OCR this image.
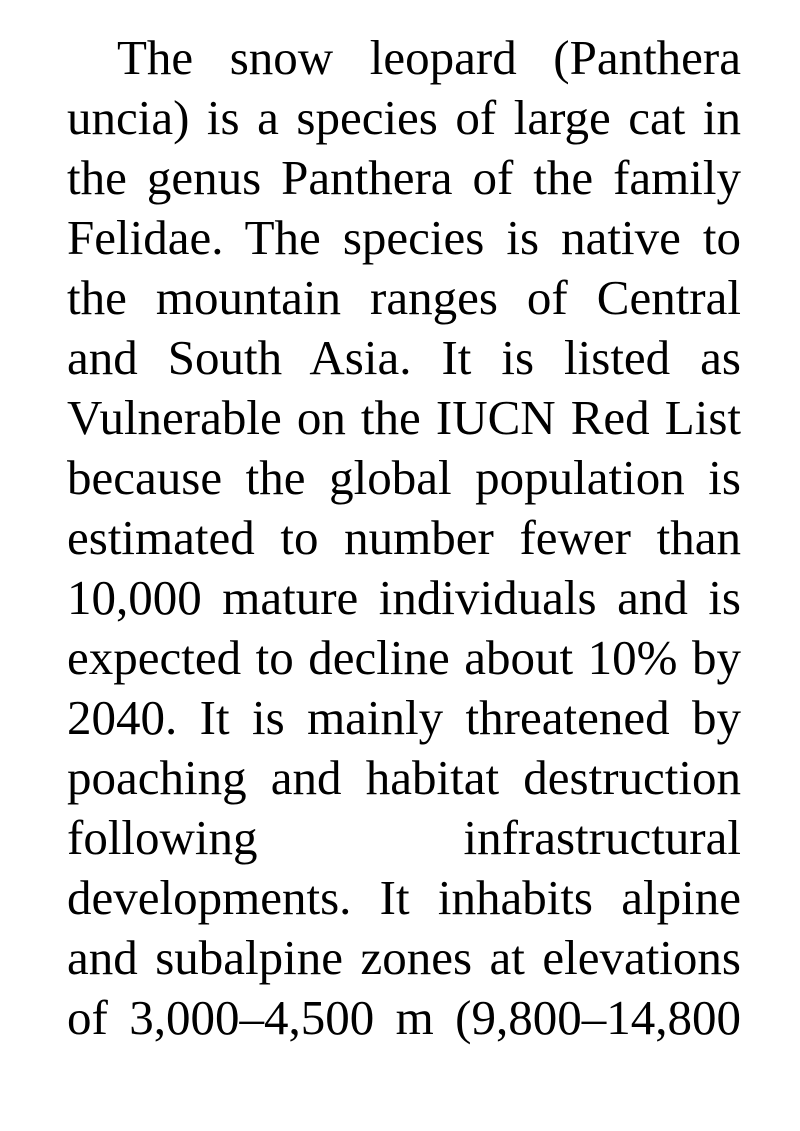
The snow leopard (Panthera uncia) is a species of large cat in the genus Panthera of the family Felidae. The species is native to the mountain ranges of Central and South Asia. It is listed as Vulnerable on the IUCN Red List because the global population is estimated to number fewer than 10,000 mature individuals and is expected to decline about 10% by 2040. It is mainly threatened by poaching and habitat destruction following infrastructural developments. It inhabits alpine and subalpine zones at elevations of 3,000–4,500 m (9,800–14,800
